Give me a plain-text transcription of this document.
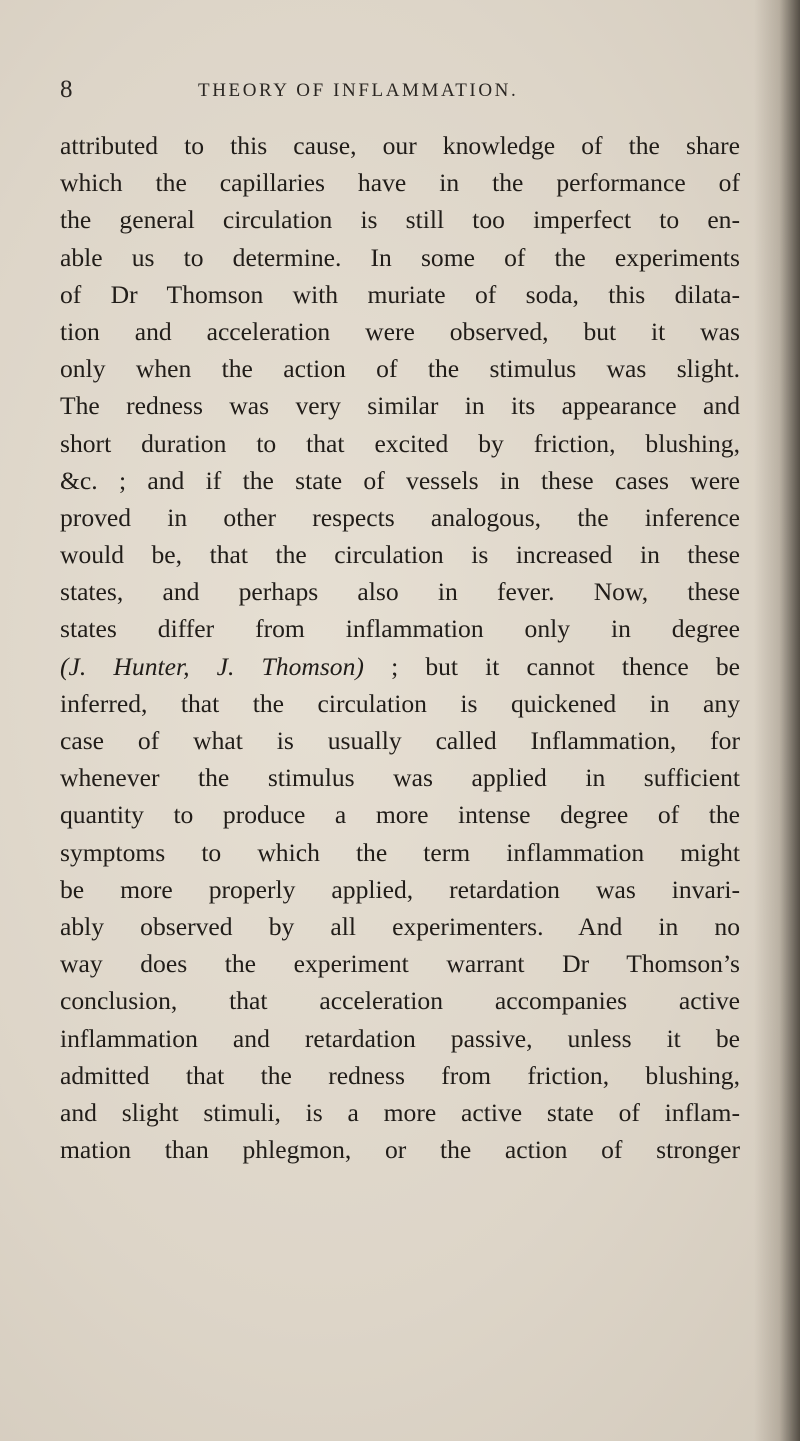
8	THEORY OF INFLAMMATION.
attributed to this cause, our knowledge of the share
which the capillaries have in the performance of
the general circulation is still too imperfect to en-
able us to determine. In some of the experiments
of Dr Thomson with muriate of soda, this dilata-
tion and acceleration were observed, but it was
only when the action of the stimulus was slight.
The redness was very similar in its appearance and
short duration to that excited by friction, blushing,
&c. ; and if the state of vessels in these cases were
proved in other respects analogous, the inference
would be, that the circulation is increased in these
states, and perhaps also in fever. Now, these
states differ from inflammation only in degree
(J. Hunter, J. Thomson) ; but it cannot thence be
inferred, that the circulation is quickened in any
case of what is usually called Inflammation, for
whenever the stimulus was applied in sufficient
quantity to produce a more intense degree of the
symptoms to which the term inflammation might
be more properly applied, retardation was invari-
ably observed by all experimenters. And in no
way does the experiment warrant Dr Thomson’s
conclusion, that acceleration accompanies active
inflammation and retardation passive, unless it be
admitted that the redness from friction, blushing,
and slight stimuli, is a more active state of inflam-
mation than phlegmon, or the action of stronger
